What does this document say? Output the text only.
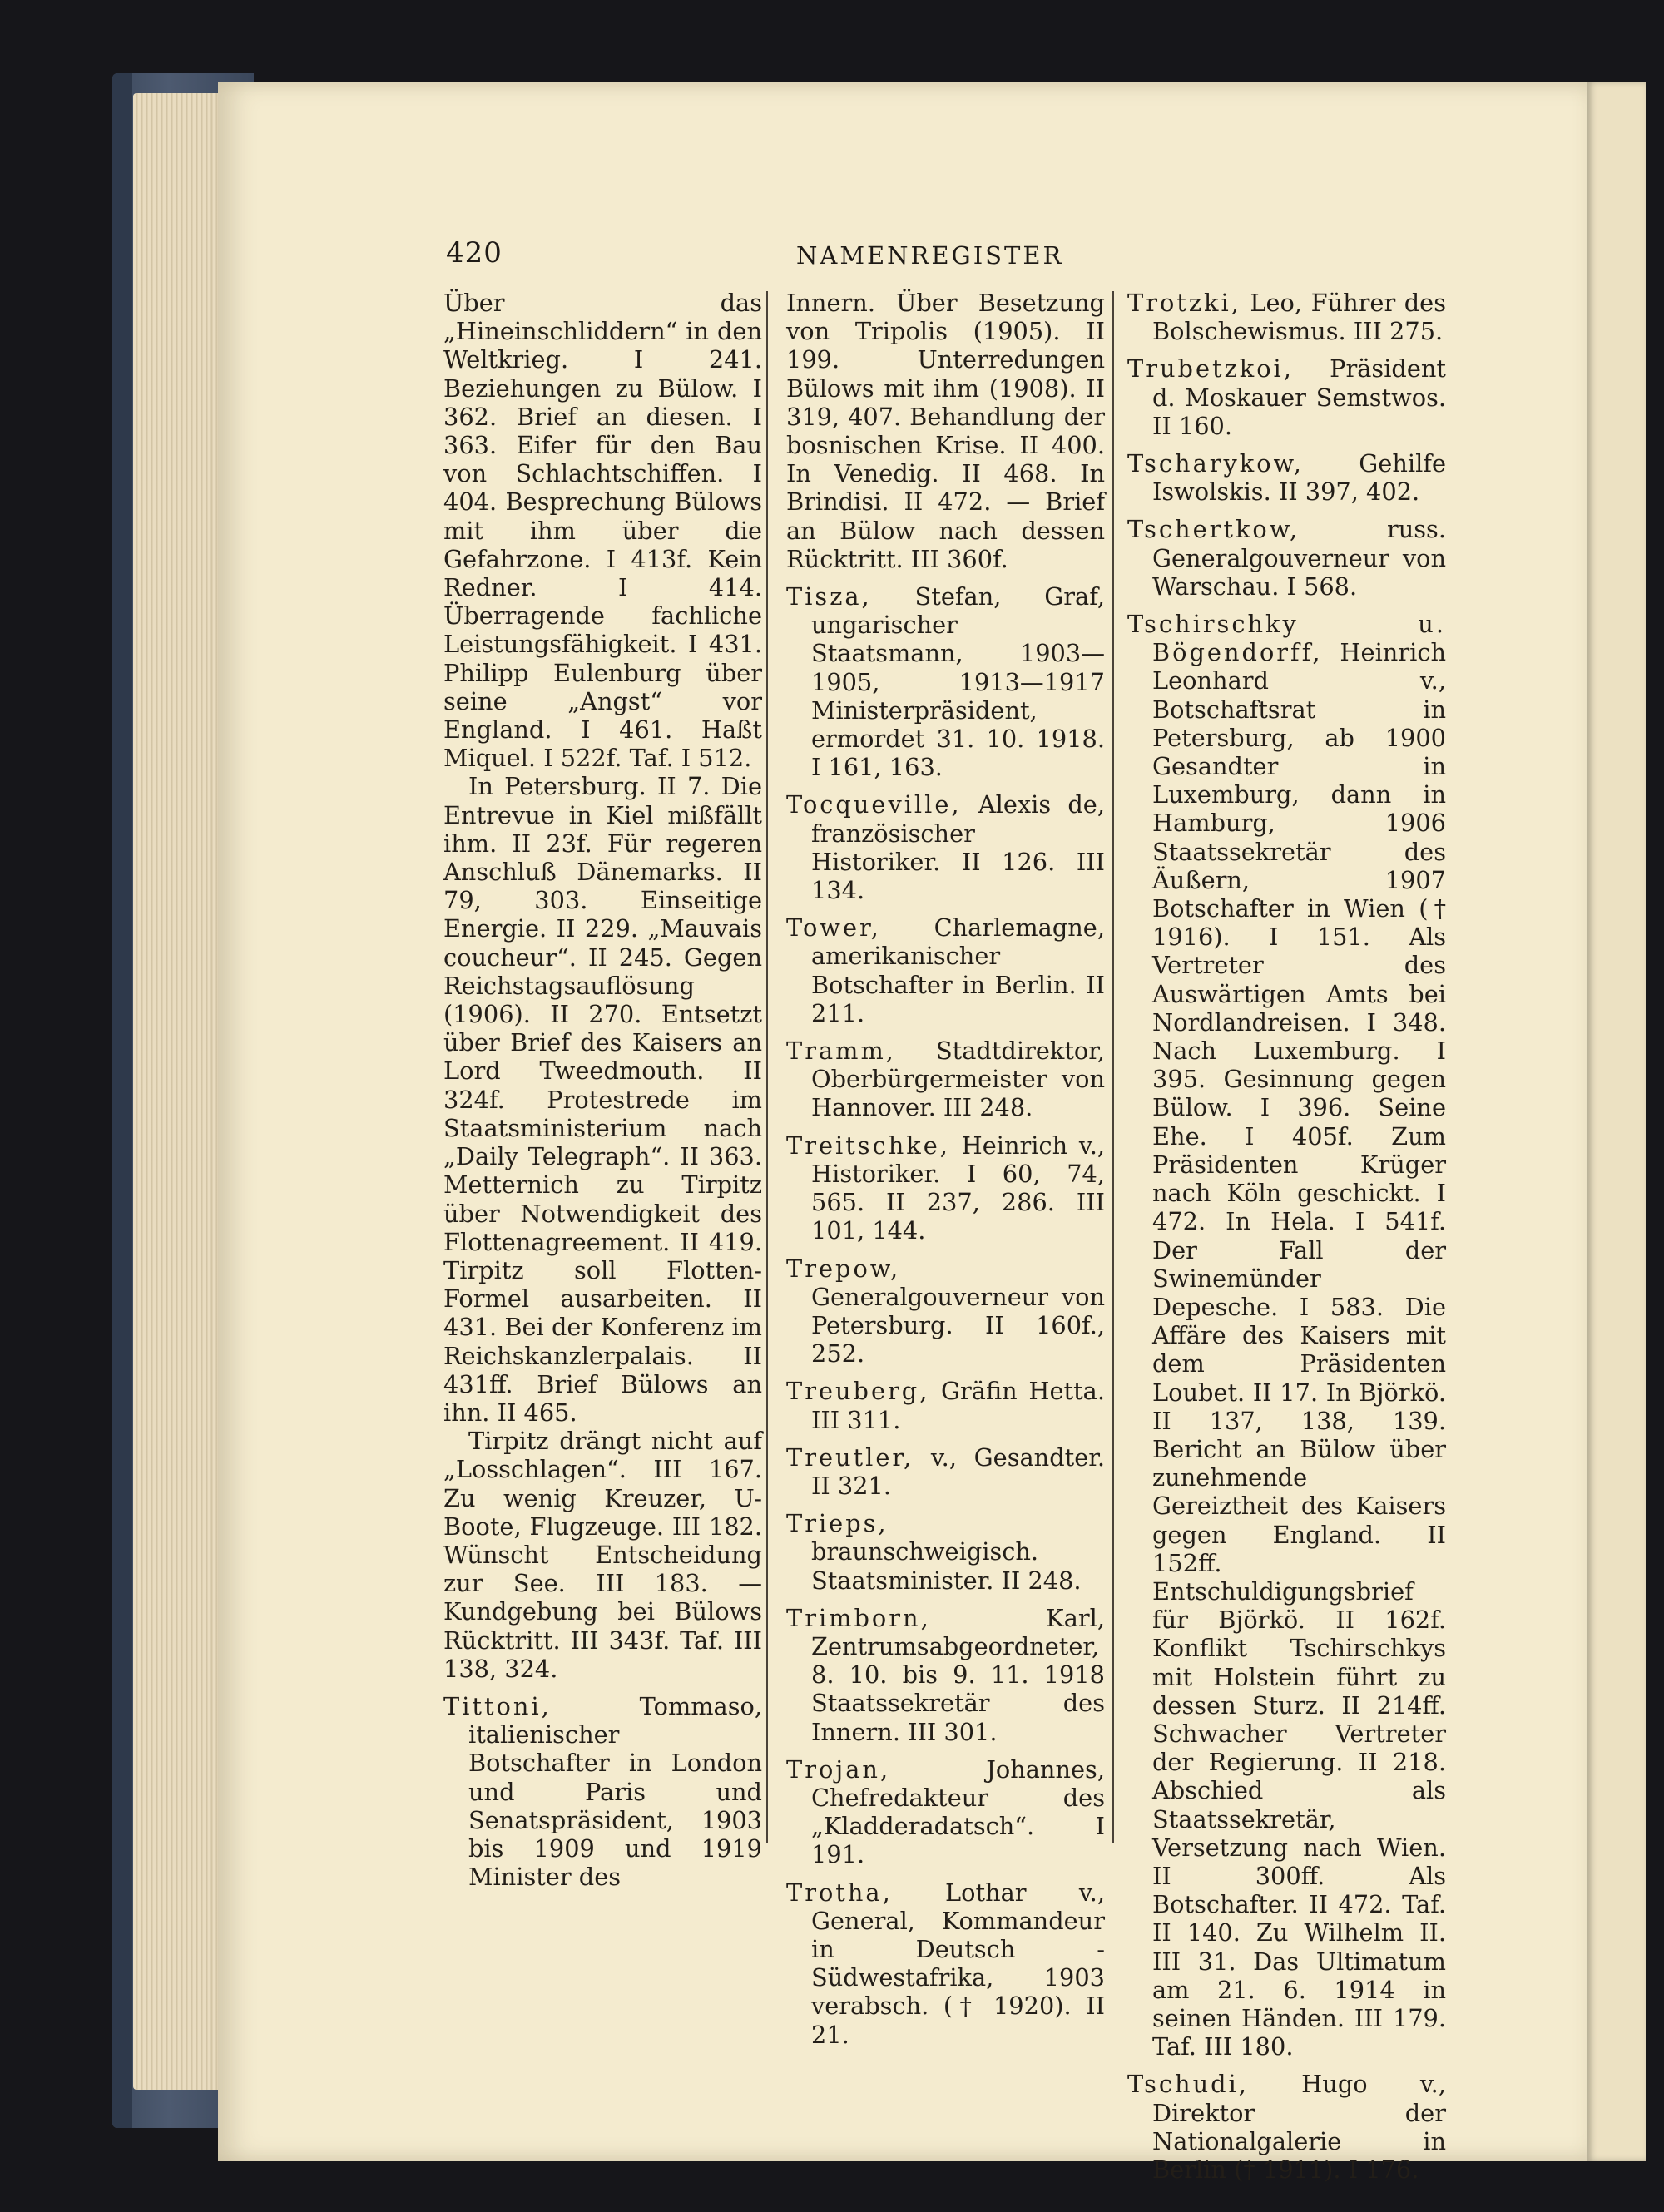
420	NAMENREGISTER

Über das „Hineinschliddern“ in den Weltkrieg. I 241. Beziehungen zu Bülow. I 362. Brief an diesen. I 363. Eifer für den Bau von Schlachtschiffen. I 404. Besprechung Bülows mit ihm über die Gefahrzone. I 413f. Kein Redner. I 414. Überragende fachliche Leistungsfähigkeit. I 431. Philipp Eulenburg über seine „Angst“ vor England. I 461. Haßt Miquel. I 522f. Taf. I 512.

In Petersburg. II 7. Die Entrevue in Kiel mißfällt ihm. II 23f. Für regeren Anschluß Dänemarks. II 79, 303. Einseitige Energie. II 229. „Mauvais coucheur“. II 245. Gegen Reichstagsauflösung (1906). II 270. Entsetzt über Brief des Kaisers an Lord Tweedmouth. II 324f. Protestrede im Staatsministerium nach „Daily Telegraph“. II 363. Metternich zu Tirpitz über Notwendigkeit des Flottenagreement. II 419. Tirpitz soll Flotten-Formel ausarbeiten. II 431. Bei der Konferenz im Reichskanzlerpalais. II 431ff. Brief Bülows an ihn. II 465.

Tirpitz drängt nicht auf „Losschlagen“. III 167. Zu wenig Kreuzer, U-Boote, Flugzeuge. III 182. Wünscht Entscheidung zur See. III 183. — Kundgebung bei Bülows Rücktritt. III 343f. Taf. III 138, 324.

Tittoni, Tommaso, italienischer Botschafter in London und Paris und Senatspräsident, 1903 bis 1909 und 1919 Minister des

Innern. Über Besetzung von Tripolis (1905). II 199. Unterredungen Bülows mit ihm (1908). II 319, 407. Behandlung der bosnischen Krise. II 400. In Venedig. II 468. In Brindisi. II 472. — Brief an Bülow nach dessen Rücktritt. III 360f.

Tisza, Stefan, Graf, ungarischer Staatsmann, 1903—1905, 1913—1917 Ministerpräsident, ermordet 31. 10. 1918. I 161, 163.

Tocqueville, Alexis de, französischer Historiker. II 126. III 134.

Tower, Charlemagne, amerikanischer Botschafter in Berlin. II 211.

Tramm, Stadtdirektor, Oberbürgermeister von Hannover. III 248.

Treitschke, Heinrich v., Historiker. I 60, 74, 565. II 237, 286. III 101, 144.

Trepow, Generalgouverneur von Petersburg. II 160f., 252.

Treuberg, Gräfin Hetta. III 311.

Treutler, v., Gesandter. II 321.

Trieps, braunschweigisch. Staatsminister. II 248.

Trimborn, Karl, Zentrumsabgeordneter, 8. 10. bis 9. 11. 1918 Staatssekretär des Innern. III 301.

Trojan, Johannes, Chefredakteur des „Kladderadatsch“. I 191.

Trotha, Lothar v., General, Kommandeur in Deutsch - Südwestafrika, 1903 verabsch. († 1920). II 21.

Trotzki, Leo, Führer des Bolschewismus. III 275.

Trubetzkoi, Präsident d. Moskauer Semstwos. II 160.

Tscharykow, Gehilfe Iswolskis. II 397, 402.

Tschertkow, russ. Generalgouverneur von Warschau. I 568.

Tschirschky u. Bögendorff, Heinrich Leonhard v., Botschaftsrat in Petersburg, ab 1900 Gesandter in Luxemburg, dann in Hamburg, 1906 Staatssekretär des Äußern, 1907 Botschafter in Wien († 1916). I 151. Als Vertreter des Auswärtigen Amts bei Nordlandreisen. I 348. Nach Luxemburg. I 395. Gesinnung gegen Bülow. I 396. Seine Ehe. I 405f. Zum Präsidenten Krüger nach Köln geschickt. I 472. In Hela. I 541f. Der Fall der Swinemünder Depesche. I 583. Die Affäre des Kaisers mit dem Präsidenten Loubet. II 17. In Björkö. II 137, 138, 139. Bericht an Bülow über zunehmende Gereiztheit des Kaisers gegen England. II 152ff. Entschuldigungsbrief für Björkö. II 162f. Konflikt Tschirschkys mit Holstein führt zu dessen Sturz. II 214ff. Schwacher Vertreter der Regierung. II 218. Abschied als Staatssekretär, Versetzung nach Wien. II 300ff. Als Botschafter. II 472. Taf. II 140. Zu Wilhelm II. III 31. Das Ultimatum am 21. 6. 1914 in seinen Händen. III 179. Taf. III 180.

Tschudi, Hugo v., Direktor der Nationalgalerie in Berlin († 1911). I 176.
